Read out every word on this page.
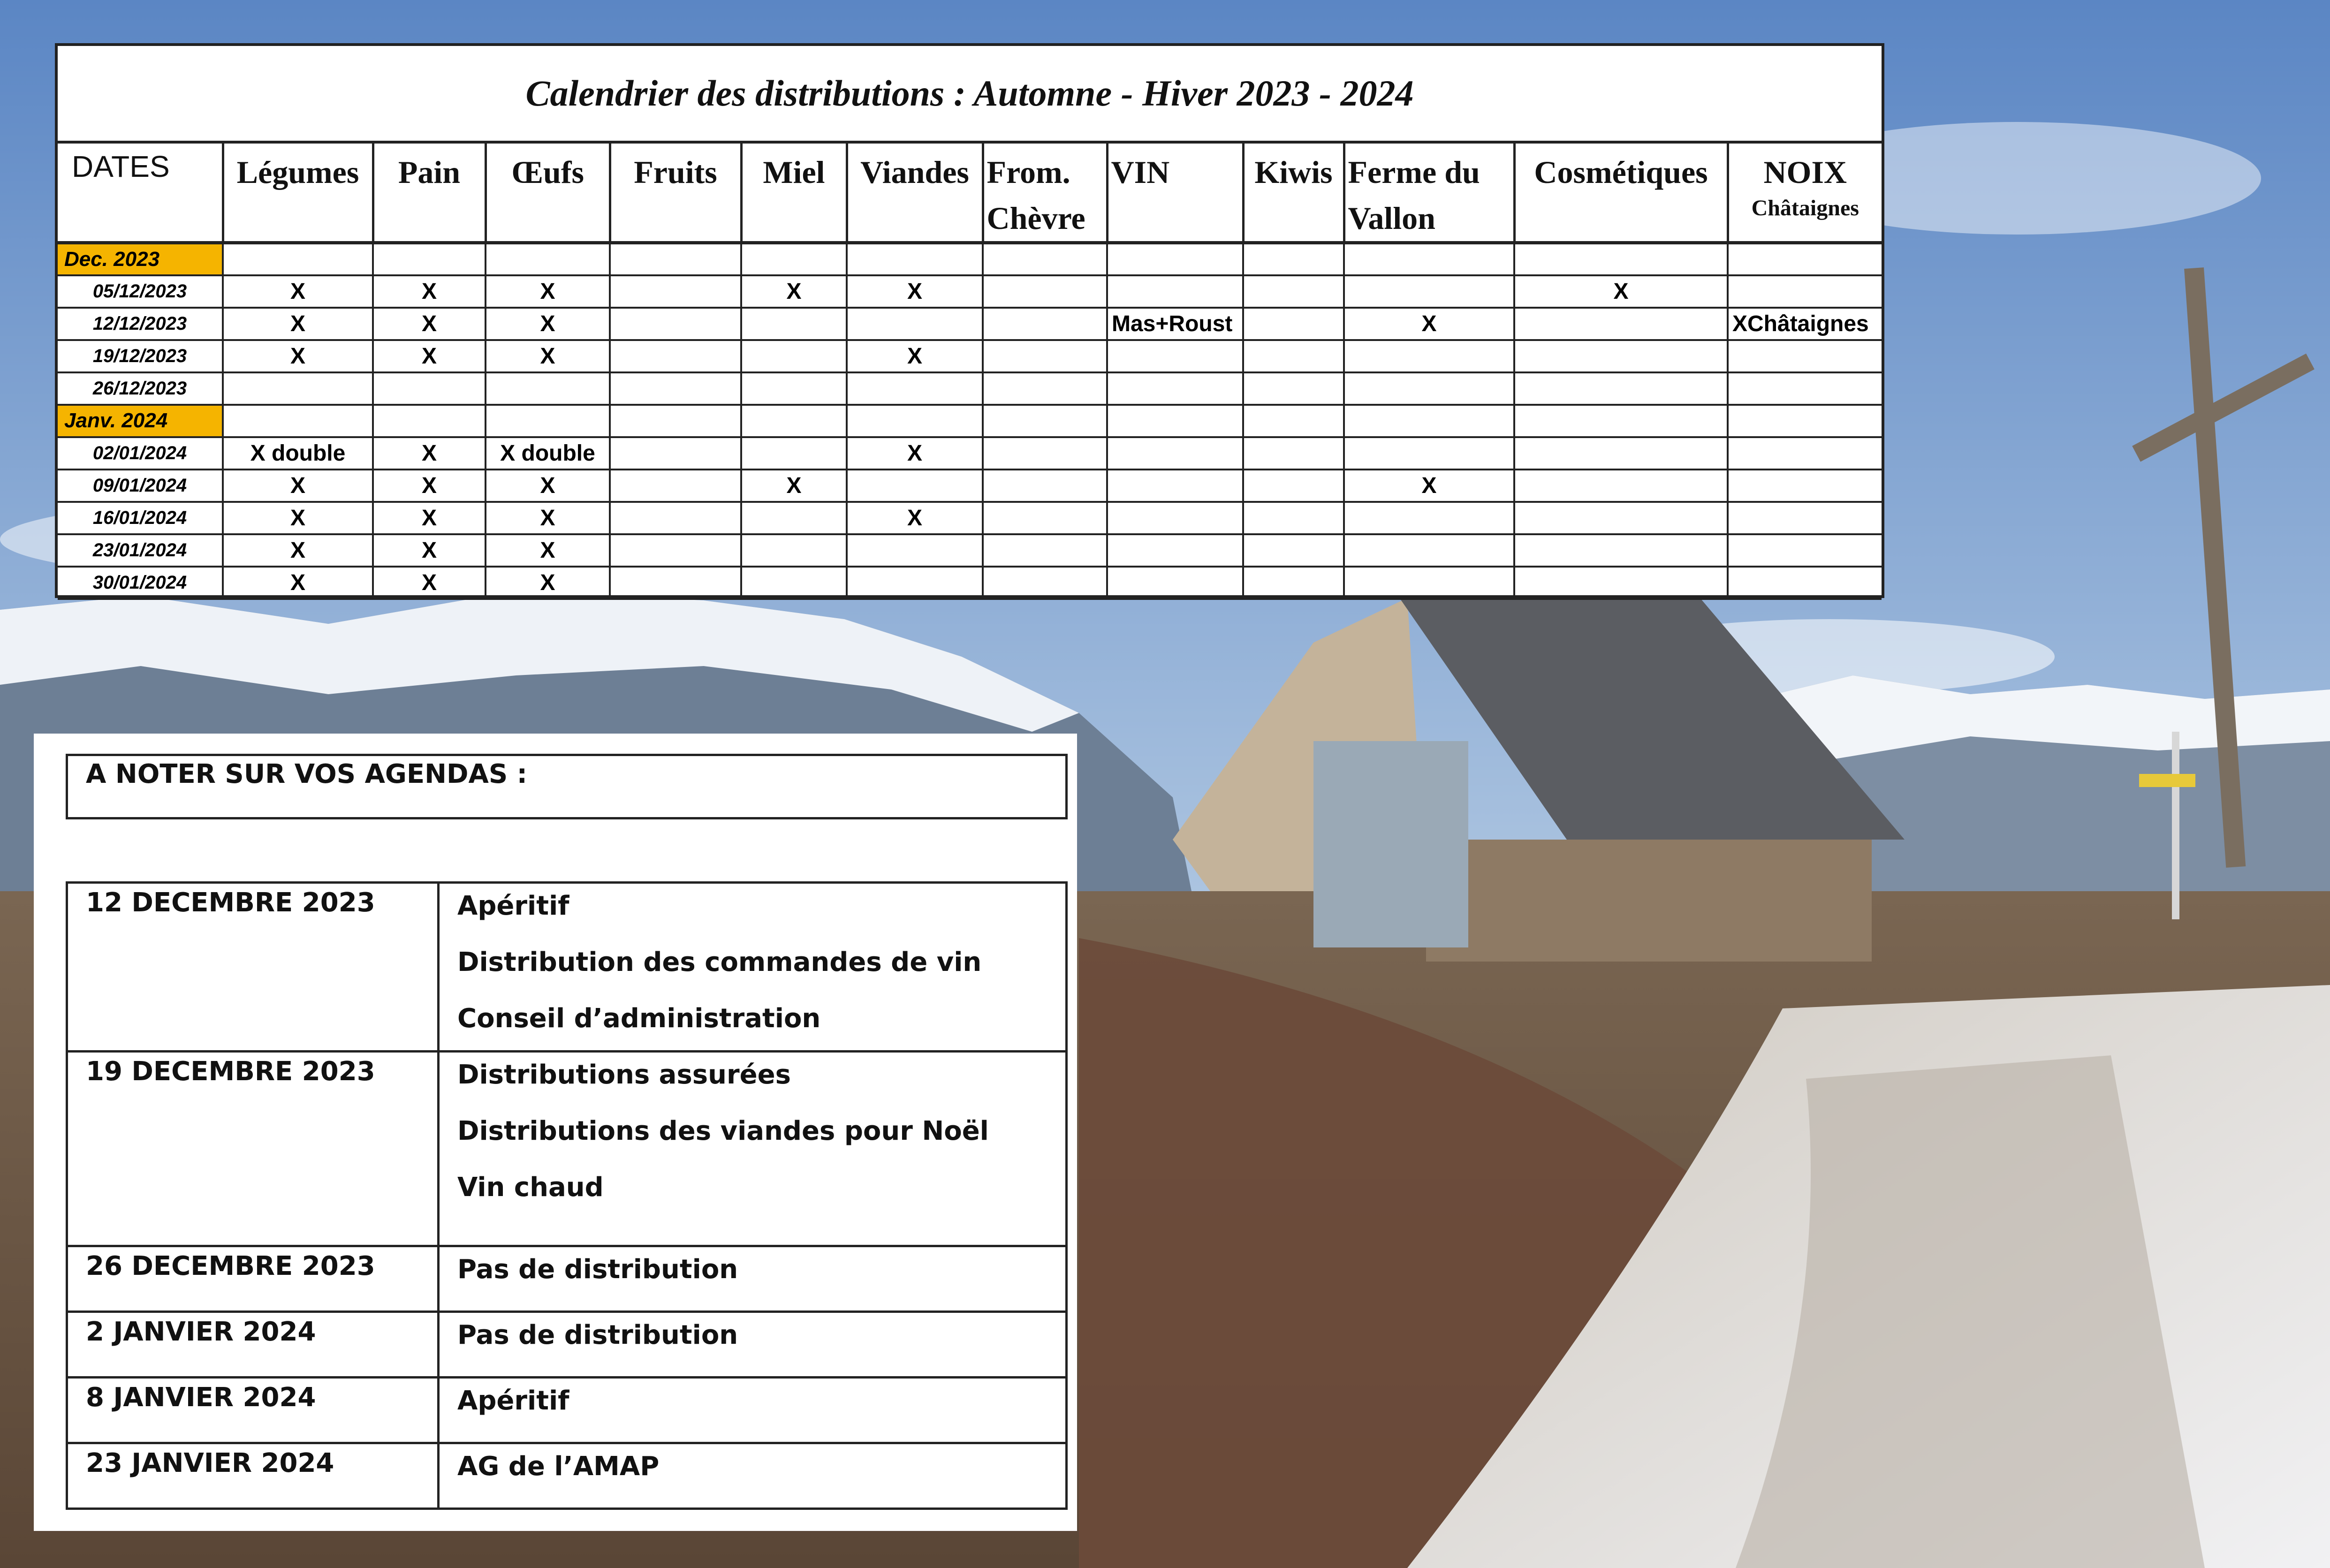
Calendrier des distributions : Automne - Hiver 2023 - 2024
DATES	Légumes	Pain	Œufs	Fruits	Miel	Viandes	From. Chèvre	VIN	Kiwis	Ferme du Vallon	Cosmétiques	NOIX
Châtaignes

Dec. 2023												
05/12/2023	X	X	X		X	X					X	
12/12/2023	X	X	X					Mas+Roust		X		XChâtaignes
19/12/2023	X	X	X			X						
26/12/2023												
Janv. 2024												
02/01/2024	X double	X	X double			X						
09/01/2024	X	X	X		X					X		
16/01/2024	X	X	X			X						
23/01/2024	X	X	X									
30/01/2024	X	X	X									
A NOTER SUR VOS AGENDAS :
12 DECEMBRE 2023	Apéritif
Distribution des commandes de vin
Conseil d’administration

19 DECEMBRE 2023	Distributions assurées
Distributions des viandes pour Noël
Vin chaud

26 DECEMBRE 2023	Pas de distribution

2 JANVIER 2024	Pas de distribution

8 JANVIER 2024	Apéritif

23 JANVIER 2024	AG de l’AMAP
